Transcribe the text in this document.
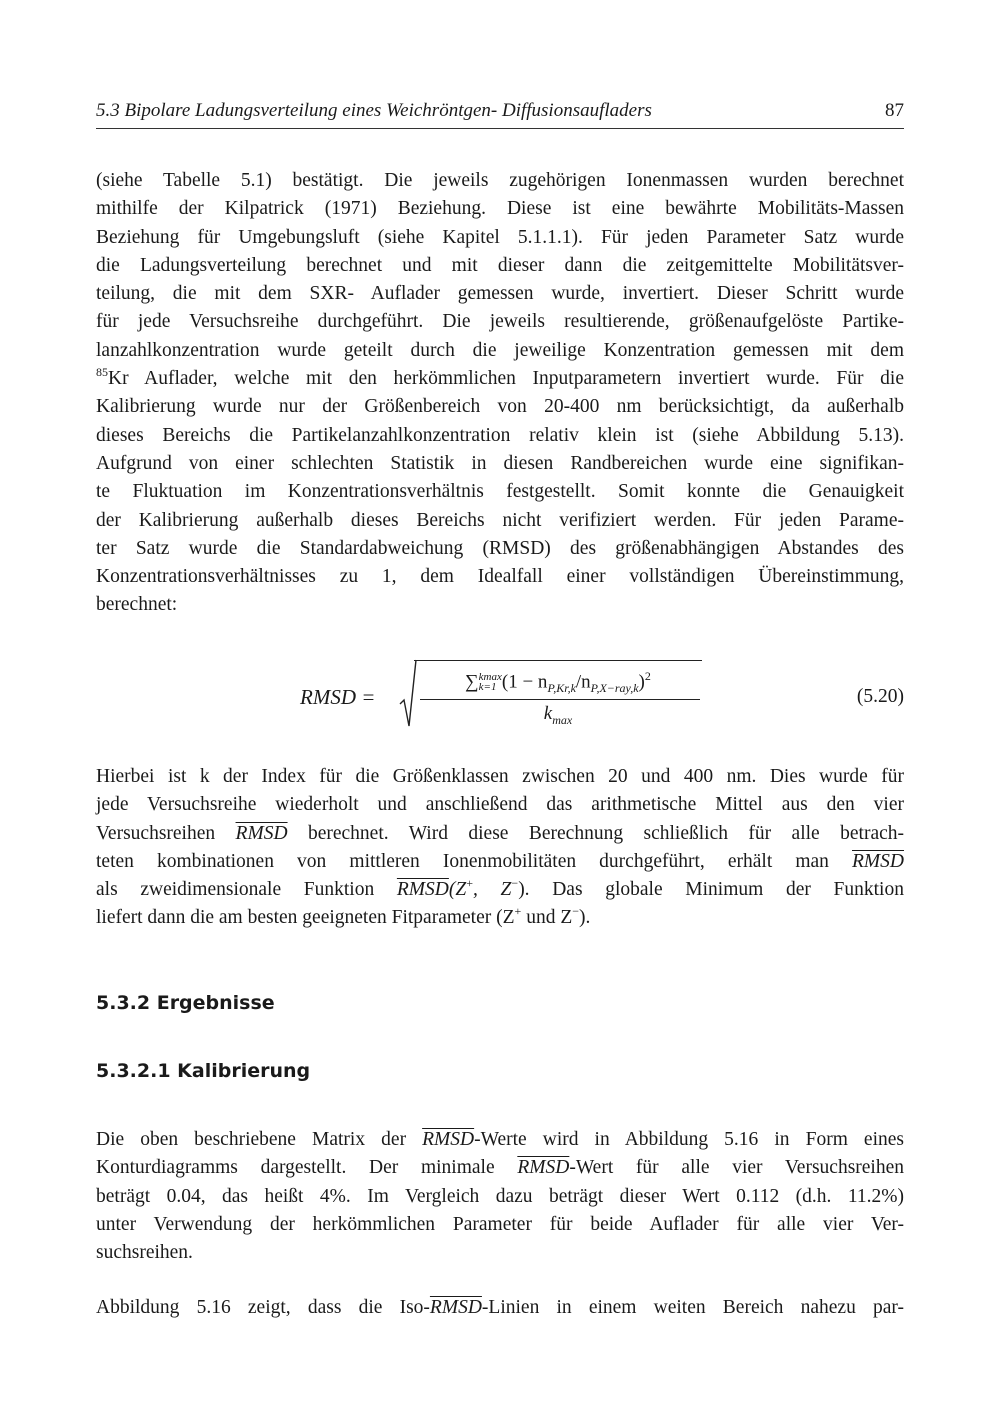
5.3 Bipolare Ladungsverteilung eines Weichröntgen- Diffusionsaufladers	87
(siehe Tabelle 5.1) bestätigt. Die jeweils zugehörigen Ionenmassen wurden berechnet
mithilfe der Kilpatrick (1971) Beziehung. Diese ist eine bewährte Mobilitäts-Massen
Beziehung für Umgebungsluft (siehe Kapitel 5.1.1.1). Für jeden Parameter Satz wurde
die Ladungsverteilung berechnet und mit dieser dann die zeitgemittelte Mobilitätsver-
teilung, die mit dem SXR- Auflader gemessen wurde, invertiert. Dieser Schritt wurde
für jede Versuchsreihe durchgeführt. Die jeweils resultierende, größenaufgelöste Partike-
lanzahlkonzentration wurde geteilt durch die jeweilige Konzentration gemessen mit dem
$^{85}$Kr Auflader, welche mit den herkömmlichen Inputparametern invertiert wurde. Für die
Kalibrierung wurde nur der Größenbereich von 20-400 nm berücksichtigt, da außerhalb
dieses Bereichs die Partikelanzahlkonzentration relativ klein ist (siehe Abbildung 5.13).
Aufgrund von einer schlechten Statistik in diesen Randbereichen wurde eine signifikan-
te Fluktuation im Konzentrationsverhältnis festgestellt. Somit konnte die Genauigkeit
der Kalibrierung außerhalb dieses Bereichs nicht verifiziert werden. Für jeden Parame-
ter Satz wurde die Standardabweichung (RMSD) des größenabhängigen Abstandes des
Konzentrationsverhältnisses zu 1, dem Idealfall einer vollständigen Übereinstimmung,
berechnet:
RMSD =
∑ kmax
k=1 $(1 - n_{P,Kr,k}/n_{P,X-ray,k})^2$
$k_{max}$
(5.20)
Hierbei ist k der Index für die Größenklassen zwischen 20 und 400 nm. Dies wurde für
jede Versuchsreihe wiederholt und anschließend das arithmetische Mittel aus den vier
Versuchsreihen RMSD berechnet. Wird diese Berechnung schließlich für alle betrach-
teten kombinationen von mittleren Ionenmobilitäten durchgeführt, erhält man RMSD
als zweidimensionale Funktion RMSD(Z+, Z−). Das globale Minimum der Funktion
liefert dann die am besten geeigneten Fitparameter (Z+ und Z−).
5.3.2 Ergebnisse
5.3.2.1 Kalibrierung
Die oben beschriebene Matrix der RMSD-Werte wird in Abbildung 5.16 in Form eines
Konturdiagramms dargestellt. Der minimale RMSD-Wert für alle vier Versuchsreihen
beträgt 0.04, das heißt 4%. Im Vergleich dazu beträgt dieser Wert 0.112 (d.h. 11.2%)
unter Verwendung der herkömmlichen Parameter für beide Auflader für alle vier Ver-
suchsreihen.
Abbildung 5.16 zeigt, dass die Iso-RMSD-Linien in einem weiten Bereich nahezu par-
